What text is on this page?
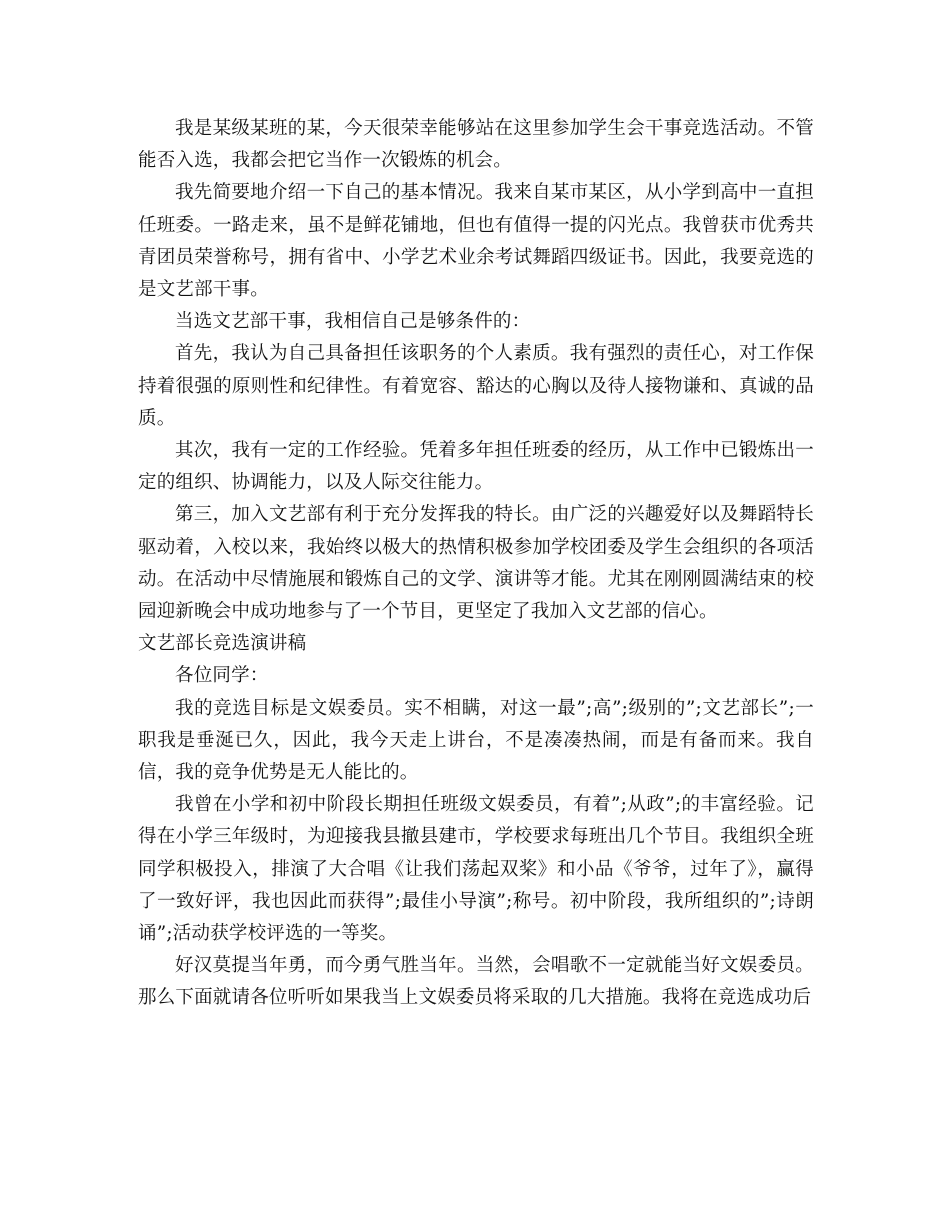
我是某级某班的某，今天很荣幸能够站在这里参加学生会干事竞选活动。不管能否入选，我都会把它当作一次锻炼的机会。

我先简要地介绍一下自己的基本情况。我来自某市某区，从小学到高中一直担任班委。一路走来，虽不是鲜花铺地，但也有值得一提的闪光点。我曾获市优秀共青团员荣誉称号，拥有省中、小学艺术业余考试舞蹈四级证书。因此，我要竞选的是文艺部干事。

当选文艺部干事，我相信自己是够条件的：

首先，我认为自己具备担任该职务的个人素质。我有强烈的责任心，对工作保持着很强的原则性和纪律性。有着宽容、豁达的心胸以及待人接物谦和、真诚的品质。

其次，我有一定的工作经验。凭着多年担任班委的经历，从工作中已锻炼出一定的组织、协调能力，以及人际交往能力。

第三，加入文艺部有利于充分发挥我的特长。由广泛的兴趣爱好以及舞蹈特长驱动着，入校以来，我始终以极大的热情积极参加学校团委及学生会组织的各项活动。在活动中尽情施展和锻炼自己的文学、演讲等才能。尤其在刚刚圆满结束的校园迎新晚会中成功地参与了一个节目，更坚定了我加入文艺部的信心。

文艺部长竞选演讲稿

各位同学：

我的竞选目标是文娱委员。实不相瞒，对这一最”;高”;级别的”;文艺部长”;一职我是垂涎已久，因此，我今天走上讲台，不是凑凑热闹，而是有备而来。我自信，我的竞争优势是无人能比的。

我曾在小学和初中阶段长期担任班级文娱委员，有着”;从政”;的丰富经验。记得在小学三年级时，为迎接我县撤县建市，学校要求每班出几个节目。我组织全班同学积极投入，排演了大合唱《让我们荡起双桨》和小品《爷爷，过年了》，赢得了一致好评，我也因此而获得”;最佳小导演”;称号。初中阶段，我所组织的”;诗朗诵”;活动获学校评选的一等奖。

好汉莫提当年勇，而今勇气胜当年。当然，会唱歌不一定就能当好文娱委员。那么下面就请各位听听如果我当上文娱委员将采取的几大措施。我将在竞选成功后
